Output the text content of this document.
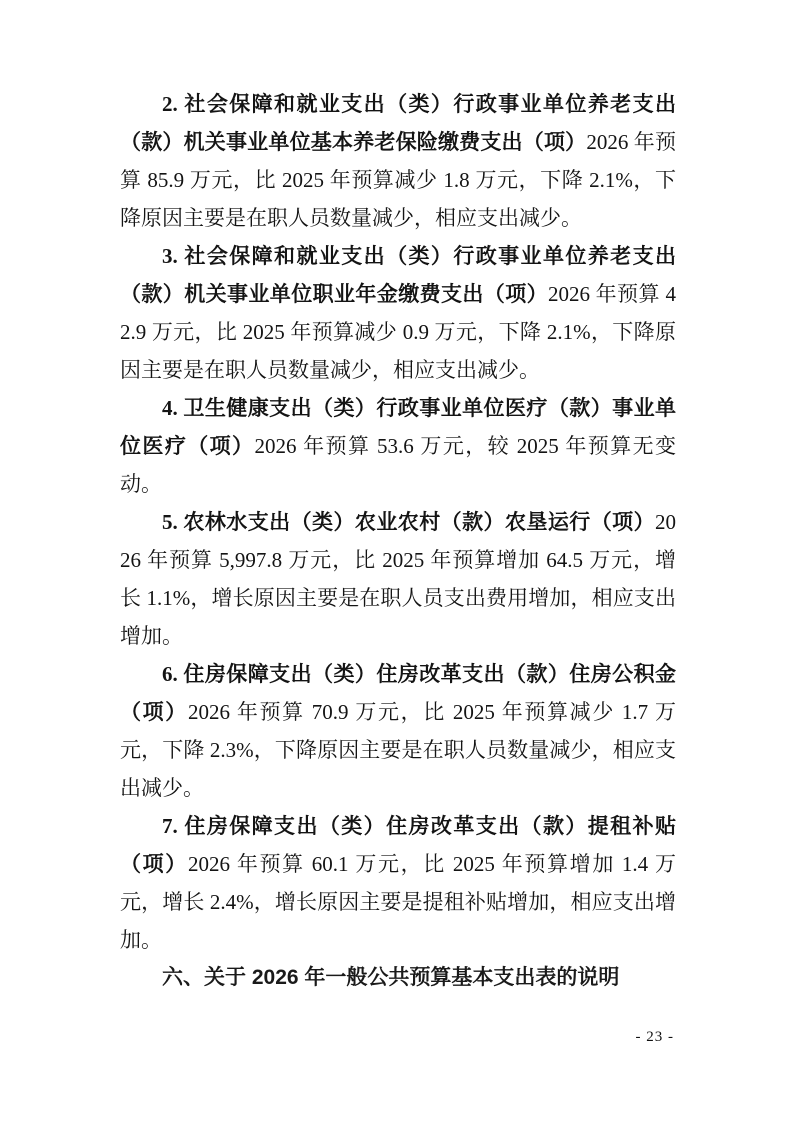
2. 社会保障和就业支出（类）行政事业单位养老支出（款）机关事业单位基本养老保险缴费支出（项）2026 年预算 85.9 万元，比 2025 年预算减少 1.8 万元，下降 2.1%，下降原因主要是在职人员数量减少，相应支出减少。

3. 社会保障和就业支出（类）行政事业单位养老支出（款）机关事业单位职业年金缴费支出（项）2026 年预算 42.9 万元，比 2025 年预算减少 0.9 万元，下降 2.1%，下降原因主要是在职人员数量减少，相应支出减少。

4. 卫生健康支出（类）行政事业单位医疗（款）事业单位医疗（项）2026 年预算 53.6 万元，较 2025 年预算无变动。

5. 农林水支出（类）农业农村（款）农垦运行（项）2026 年预算 5,997.8 万元，比 2025 年预算增加 64.5 万元，增长 1.1%，增长原因主要是在职人员支出费用增加，相应支出增加。

6. 住房保障支出（类）住房改革支出（款）住房公积金（项）2026 年预算 70.9 万元，比 2025 年预算减少 1.7 万元，下降 2.3%，下降原因主要是在职人员数量减少，相应支出减少。

7. 住房保障支出（类）住房改革支出（款）提租补贴（项）2026 年预算 60.1 万元，比 2025 年预算增加 1.4 万元，增长 2.4%，增长原因主要是提租补贴增加，相应支出增加。

六、关于 2026 年一般公共预算基本支出表的说明

- 23 -
